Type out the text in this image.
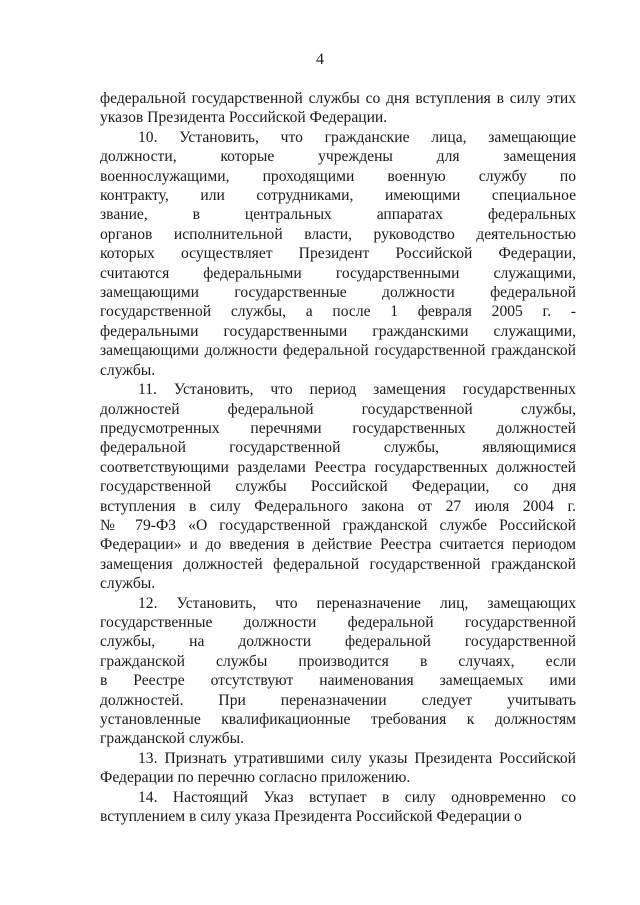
4
федеральной государственной службы со дня вступления в силу этих
указов Президента Российской Федерации.
10. Установить, что гражданские лица, замещающие
должности, которые учреждены для замещения
военнослужащими, проходящими военную службу по
контракту, или сотрудниками, имеющими специальное
звание, в центральных аппаратах федеральных
органов исполнительной власти, руководство деятельностью
которых осуществляет Президент Российской Федерации,
считаются федеральными государственными служащими,
замещающими государственные должности федеральной
государственной службы, а после 1 февраля 2005 г. -
федеральными государственными гражданскими служащими,
замещающими должности федеральной государственной гражданской
службы.
11. Установить, что период замещения государственных
должностей федеральной государственной службы,
предусмотренных перечнями государственных должностей
федеральной государственной службы, являющимися
соответствующими разделами Реестра государственных должностей
государственной службы Российской Федерации, со дня
вступления в силу Федерального закона от 27 июля 2004 г.
№ 79-ФЗ «О государственной гражданской службе Российской
Федерации» и до введения в действие Реестра считается периодом
замещения должностей федеральной государственной гражданской
службы.
12. Установить, что переназначение лиц, замещающих
государственные должности федеральной государственной
службы, на должности федеральной государственной
гражданской службы производится в случаях, если
в Реестре отсутствуют наименования замещаемых ими
должностей. При переназначении следует учитывать
установленные квалификационные требования к должностям
гражданской службы.
13. Признать утратившими силу указы Президента Российской
Федерации по перечню согласно приложению.
14. Настоящий Указ вступает в силу одновременно со
вступлением в силу указа Президента Российской Федерации о
